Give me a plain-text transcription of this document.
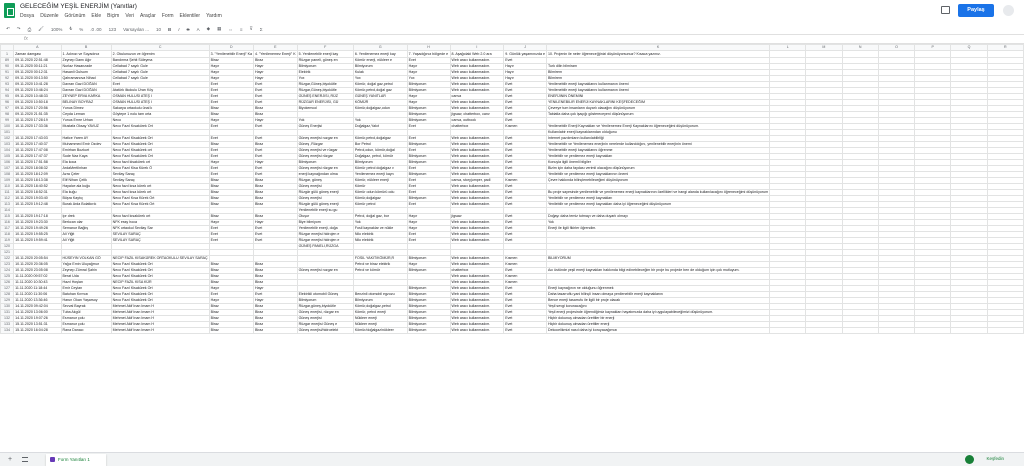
GELECEĞİM YEŞİL ENERJİM (Yanıtlar)
Dosya Düzenle Görünüm Ekle Biçim Veri Araçlar Form Eklentiler Yardım
Paylaş
↶ ↷ ⎙ 🖌 100% ₺ % .0 .00 123 Varsayılan ... 10 B I S A ◆ ▦ ⇔ ≡ ⊽ Σ
fx
	A	B	C	D	E	F	G	H	I	J	K	L	M	N	O	P	Q	R
1	Zaman damgası	1. Adınızı ve Soyadınız	2. Okulunuzun ve öğrenim	3. "Yenilenebilir Enerji" Ka	4. "Yenilenemez Enerji" K	5. Yenilenebilir enerji kay	6. Yenilenemez enerji kay	7. Yaşadığınız bölgede e	8. Aşağıdaki Web 2.0 ara	9. Günlük yaşamınızda e	10. Projenin ile neler öğrenece(ğinizi düşünüyorsunuz? Kısaca yazınız.							
89	09.11.2020 22:51:48	Zeynep Damı Ağır	Bandırma Şehit Süleyma	Biraz	Biraz	Rüzgar paneli, güneş en	Kömür enerji, nükleer e	Evet	Web aracı kullanmadım.	Evet								
90	09.11.2020 00:11:21	Nurlaz Hasanzade	Cellabad 7 sayılı Gule	Hayır	Hayır	Bilmiyorum	Bilmiyorum	Hayır	Web aracı kullanmadım.	Hayır	Turk dilin bilmiram							
91	09.11.2020 00:12:31	Hasanli Gulsum	Cellabad 7 sayılı Gule	Hayır	Hayır	Elektrik	Kulak	Hayır	Web aracı kullanmadım.	Hayır	Bilmirem							
92	09.11.2020 00:13:50	Qahramanova Nihad	Cellabad 7 sayılı Gule	Hayır	Hayır	Yox	Yox	Yox	Web aracı kullanmadım.	Hayır	Bilmirem							
93	09.11.2020 10:41:28	Davran Gazi DOĞAN	Evet	Evet	Evet	Rüzgar,Güneş,biyokütle	Kömür, doğal gaz,petrol	Bilmiyorum	Web aracı kullanmadım.	Evet	Yenilenebilir enerji kaynaklarını kullanmanın önemi							
94	09.11.2020 10:46:24	Davran Gazi DOĞAN	Atatürk ilkokulu Ürarı Köy	Evet	Evet	Rüzgar,Güneş,biyokütle	Kömür,petrol,doğal gaz	Bilmiyorum	Web aracı kullanmadım.	Evet	Yenilenebilir enerji kaynaklarını kullanmanın önemi							
95	09.11.2020 10:48:33	ZEYNEP ERVA KARKA	OSMAN HULUSİ ATEŞ İ	Evet	Evet	GÜNEŞ ENERJİSİ, RÜZ	GÜNEŞ YANITLAR	Hayır	canva	Evet	ENERJİNİN ÖNEMİNİ							
96	09.11.2020 10:50:18	BELİNAY BOYRAZ	OSMAN HULUSİ ATEŞ İ	Evet	Evet	RÜZGAR ENERJİSİ, GÜ	KÖMÜR	Hayır	Web aracı kullanmadım.	Evet	YENİLENEBİLİR ENERJİ KAYNAKLARINI KEŞFEDECEĞİM							
97	09.11.2020 17:20:56	Yunus Dimez	Sakarya ortaokulu ünal k	Biraz	Biraz	Biyokemcol	Kömür,doğalgaz,odun	Bilmiyorum	Web aracı kullanmadım.	Evet	Çevreye tum insanların duyarlı olacağını düşünüyorum							
98	09.11.2020 21:51:35	Ceyda Leman	Göytepe 1 nolu tam orta	Biraz	Biraz			Bilmiyorum	jigsaw, chatterbox, canv	Evet	Tabiatla daha çok işaçığı göstereceyeni düşünüyorum							
99	10.11.2020 17:28:19	Yunus Emre Urhan	Neco	Hayır	Hayır	Yok	Yok	Bilmiyorum	canva, outbook	Evet								
100	10.11.2020 17:33:36	Mustafa Oksay YAVUZ	Neco Fazıl Kısakürek Ort	Evet	Evet	Güneş Enerjisi	Doğalgaz,Yakıt	Evet	chatterbox	Kısmen	Yenilenebilir Enerji Kaynakları ve Yenilenemez Enerji Kaynaklarını öğreneceğimi düşünüyorum.							
101											Kullanılabir enerji kaynaklarından olduğunu							
102	10.11.2020 17:43:03	Hatice Yaren AY	Neco Fazıl Kisakürek Ort	Evet	Evet	Güneş enerjisi ruzgar en	Kömür,petrol,doğalgaz	Evet	Web aracı kullanmadım.	Evet	Internet yazılımların kullanılabilirliği							
103	10.11.2020 17:40:37	Muhammed Emir Ozdev	Neco Fazıl Kisakürek Ort	Biraz	Biraz	Güneş ,Rüzgar	Bor Petrol	Bilmiyorum	Web aracı kullanmadım.	Evet	Yenilenebilir ve Yenilenemez enerjinin nerelerde kullanıldığını, yenilenebilir enerjinin önemi							
104	10.11.2020 17:47:08	Emirhan Bozkurt	Neco Fazıl Kisakürek ort	Evet	Evet	Güneş enerjisi ve rüzgar	Petrol,odun, kömür,doğal	Evet	Web aracı kullanmadım.	Evet	Yenilenebilir enerji kaynaklarını öğrenme							
105	10.11.2020 17:47:37	Sude Naz Kaya	Neco Fazıl Kısakürek Ort	Evet	Evet	Güneş enerjisi rüzgar	Doğalgaz, petrol, kömür	Bilmiyorum	Web aracı kullanmadım.	Evet	Yenilebilir ve yenilemez enerji kaynakları							
106	10.11.2020 17:51:58	Ela koca	Neco fazıl kisakürek ort	Hayır	Hayır	Bilmiyorum	Bilmiyorum	Bilmiyorum	Web aracı kullanmadım.	Evet	Konuyla ilgili önemli bilgiler							
107	10.11.2020 18:08:32	ArdaMertIlnhan	Neco Fazıl Kisa Kürek Ö	Evet	Evet	Güneş enerjisi rüzgar en	Kömür petrol doğalgaz v	Evet	Web aracı kullanmadım.	Evet	Bizim için daha faydası verimli olacağını düşünüyorum							
108	10.11.2020 18:12:09	Azra Çeler	Sevilay Saraç	Evet	Evet	enerji kaynağından olma	Yenilenemez enerji kayn	Bilmiyorum	Web aracı kullanmadım.	Evet	Yenilebilir ve yenilemez enerji kaynaklarının önemi							
109	10.11.2020 18:13:38	Elif Nihan Çelik	Sevilay Saraç	Biraz	Biraz	Rüzgar, güneş	Kömür, nükleer enerji	Evet	canva, storyjumper, padl	Kısmen	Çevre hakkında bilinçlenebileceğimi düşünüyorum							
110	10.11.2020 18:40:52	Hayalce ala kuğu	Neco fazıl kısa kürek ort	Biraz	Biraz	Güneş enerjisi	Kömür	Evet	Web aracı kullanmadım.	Evet								
111	10.11.2020 18:52:31	Ela kuğu	Neco fazıl kısa kürek ort	Biraz	Biraz	Rüzgâr gülü güneş enerji	Kömür odun kömürü odu	Evet	Web aracı kullanmadım.	Evet	Bu proje sayesinde yenilenebilir ve yenilenemez enerji kaynaklarının özellikleri ve hangi alanda kullanılacağını öğreneceğimi düşünüyorum							
112	10.11.2020 19:03:40	Büşra Kaytıç	Neco Fazıl Kısa Kürek Ort	Biraz	Biraz	Güneş enerjisi	Kömür,doğalgaz	Bilmiyorum	Web aracı kullanmadım.	Evet	Yenilebilir ve yenilemez enerji kaynakları							
113	10.11.2020 19:12:48	Burak Arda Bolatkırık	Neco Fazıl Kısa Kürek Ort	Biraz	Biraz	Rüzgâr gülü güneş enerji	Kömür petrol	Evet	Web aracı kullanmadım.	Evet	Yenilebilir ve yenilemez enerji kaynakları daha iyi öğreneceğimi düşünüyorum							
114						Yenilenebilir enerji su gu												
115	10.11.2020 19:17:18	Ipr drek	Neco fazıl kısakürek ort	Biraz	Biraz	Oluşur	Petrol, doğal gaz, bor	Hayır	jigsaw	Evet	Doğayı daha temiz tutmayı ve daha duyarlı olmayı							
116	10.11.2020 19:23:30	Berkcan olar	NFK essy hoca	Hayır	Hayır	Biye bilmiyom	Yok	Hayır	Web aracı kullanmadım.	Evet	Yok							
117	10.11.2020 19:49:28	Semanur Bağlış	NFK ortaokul Sevilay Sar	Evet	Evet	Yenilenebilir enerji, doğa	Fosil kaynaklar ve nükle	Hayır	Web aracı kullanmadım.	Evet	Enerji ile ilgili fikirler öğrendim.							
118	10.11.2020 19:55:25	Ali Yiğit	SEVILAY SARAÇ	Evet	Evet	Rüzgar enerjisi hidrojen e	Nilo elektrik	Evet	Web aracı kullanmadım.	Evet								
119	10.11.2020 19:59:41	Ali Yiğit	SEVILAY SARAÇ	Evet	Evet	Rüzgar enerjisi hidrojen e	Nilo elektrik	Evet	Web aracı kullanmadım.	Evet								
120						GÜNEŞ PANELİ,RÜZGA												
121																		
122	10.11.2020 20:05:54	HÜSEYİN VOLKAN GÖ	NECİP FAZIL KISAKÜREK ORTAOKULU SEVILAY SARAÇ				FOSİL YAKIT/KÖMÜR,R	Bilmiyorum	Web aracı kullanmadım.	Kısmen	BİLMİYORUM							
123	10.11.2020 20:36:05	Yağız Emin Uluyağmur	Neco Fazıl Kisakürek Ort	Biraz	Biraz		Petrol ve biraz elektrik	Hayır	Web aracı kullanmadım.	Kısmen								
124	10.11.2020 23:05:08	Zeynep Zümral Şahin	Neco Fazıl Kisakürek Ort	Biraz	Biraz	Güneş enerjisi ruzgar en	Petrol ve kömür	Bilmiyorum	chatterbox	Evet	Acı üstünde yeşil enerji kaynakları hakkında bilgi edinebileceğim bir proje bu projede ben de olduğum için çok mutluyum.							
125	11.11.2020 09:57:02	Berat Uda	Neco Fazıl Kisakürek Ort	Biraz	Biraz				Web aracı kullanmadım.	Kısmen								
126	11.11.2020 10:30:43	Hazıl Hoşlan	NECİP FAZIL KISA KÜR	Biraz	Biraz				Web aracı kullanmadım.	Kısmen								
127	11.11.2020 11:18:44	Emir Ceylan	Neco Fazıl Kisakürek Ort	Hayır	Hayır			Bilmiyorum	Web aracı kullanmadım.	Evet	Enerji kaynağının ne olduğunu öğrenmek							
128	11.11.2020 11:30:06	Batuhan Kırmızı	Neco Fazıl Kisakürek Ort	Evet	Evet	Elektrikli otomobil Güneş	Benzinli otomobil egzozu	Bilmiyorum	Web aracı kullanmadım.	Evet	Daha tasarruflu yani bilinçli insan olmaya yenilenebilir enerji kaynaklarını							
129	11.11.2020 13:36:46	Harun Okan Yaşarsoy	Neco Fazıl Kisakürek Ort	Hayır	Hayır	Bilmiyorum	Bilmiyorum	Bilmiyorum	Web aracı kullanmadım.	Evet	Bence enerji tasarrufu ile ilgili bir proje olacak							
130	14.11.2020 09:42:04	Sevval Bayrak	Mehmet Akif İnan İmam H	Biraz	Biraz	Rüzgar,güneş,biyokütle	Kömür,doğalgaz,petrol	Bilmiyorum	Web aracı kullanmadım.	Evet	Yeşil sevgi korunacağını							
131	14.11.2020 13:06:00	Tuba Akgül	Mehmet Akif İnan İmam H	Biraz	Biraz	Güneş enerjisi, rüzgar en	Kömür, petrol enerji	Bilmiyorum	Web aracı kullanmadım.	Evet	Yeşil enerji projesinde öğrendiğimiz kaynakları hayatımızda daha iyi uygulayabileceğimizi düşünüyorum.							
132	14.11.2020 19:07:26	Esmanur çolu	Mehmet Akif İnan İmam H	Biraz	Biraz	Güneş enerjisi	Nükleer enerji	Bilmiyorum	Web aracı kullanmadım.	Evet	Hiçbir dokunuş olmadan ürettiler bir enerji							
133	15.11.2020 13:51:31	Esmanur çolu	Mehmet Akif İnan İmam H	Biraz	Biraz	Rüzgar enerjisi Güneş e	Nükleer enerji	Bilmiyorum	Web aracı kullanmadım.	Evet	Hiçbir dokunuş olmadan ürettiler enerji							
134	15.11.2020 16:04:28	Rana Danacı	Mehmet Akif İnan İmam H	Biraz	Biraz	Güneş enerjisi/hidroelekt	Kömür/doğalgaz/nükleer	Bilmiyorum	Web aracı kullanmadım.	Evet	Dekocelikmizi nasıl daha iyi koruyacağımızı							
+	Form Yanıtları 1	Keşfedin
